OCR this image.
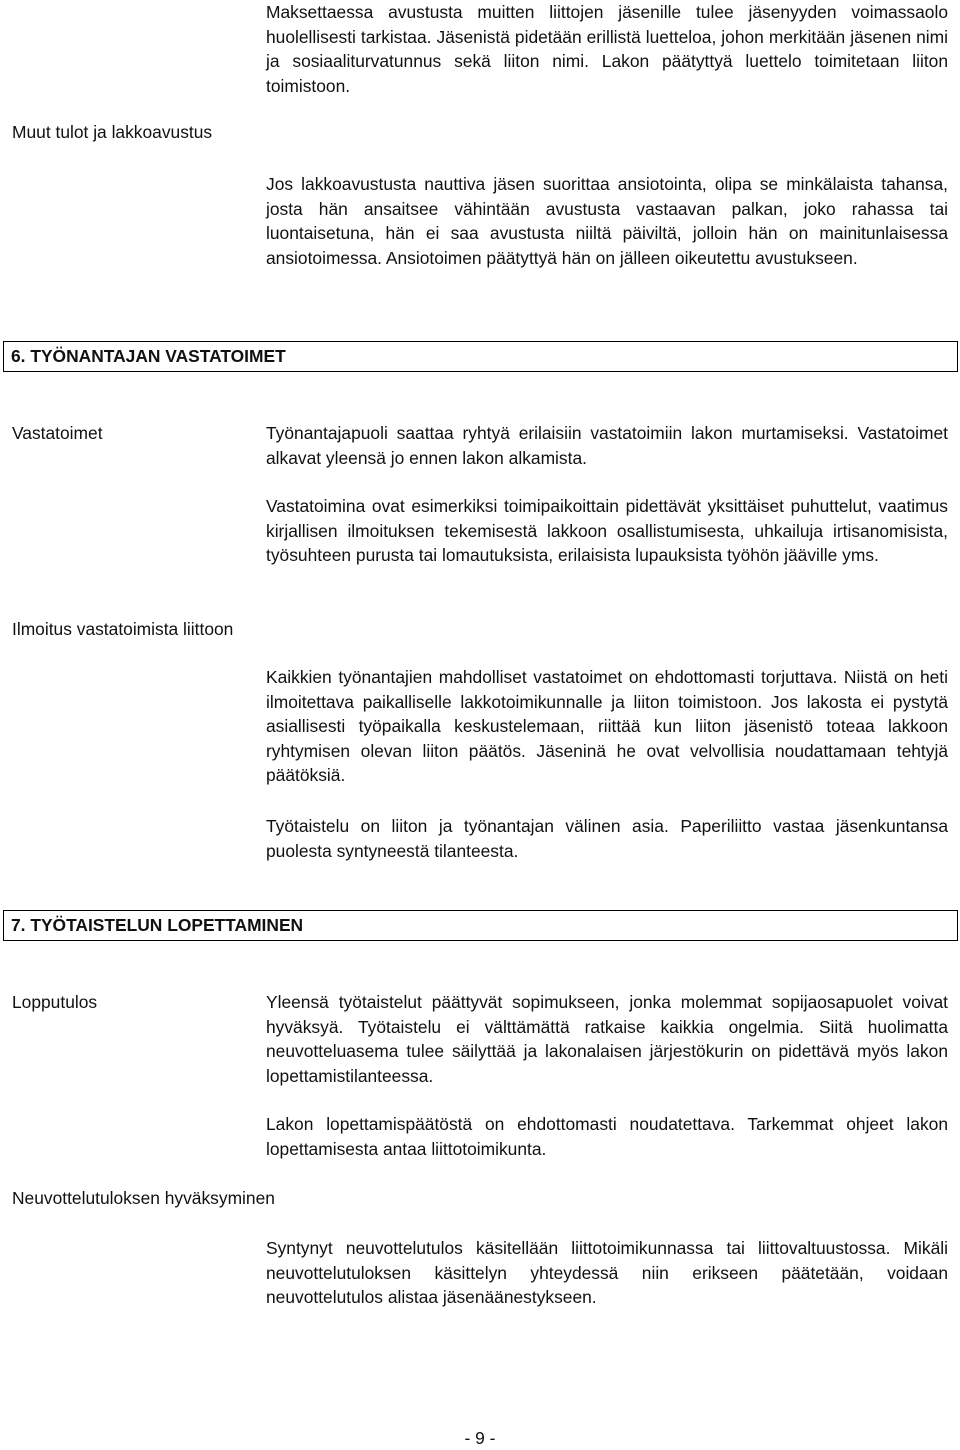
Maksettaessa avustusta muitten liittojen jäsenille tulee jäsenyyden voimassaolo huolellisesti tarkistaa. Jäsenistä pidetään erillistä luetteloa, johon merkitään jäsenen nimi ja sosiaaliturvatunnus sekä liiton nimi. Lakon päätyttyä luettelo toimitetaan liiton toimistoon.

Muut tulot ja lakkoavustus

Jos lakkoavustusta nauttiva jäsen suorittaa ansiotointa, olipa se minkälaista tahansa, josta hän ansaitsee vähintään avustusta vastaavan palkan, joko rahassa tai luontaisetuna, hän ei saa avustusta niiltä päiviltä, jolloin hän on mainitunlaisessa ansiotoimessa. Ansiotoimen päätyttyä hän on jälleen oikeutettu avustukseen.

6. TYÖNANTAJAN VASTATOIMET

Vastatoimet	Työnantajapuoli saattaa ryhtyä erilaisiin vastatoimiin lakon murtamiseksi. Vastatoimet alkavat yleensä jo ennen lakon alkamista.

Vastatoimina ovat esimerkiksi toimipaikoittain pidettävät yksittäiset puhuttelut, vaatimus kirjallisen ilmoituksen tekemisestä lakkoon osallistumisesta, uhkailuja irtisanomisista, työsuhteen purusta tai lomautuksista, erilaisista lupauksista työhön jääville yms.

Ilmoitus vastatoimista liittoon

Kaikkien työnantajien mahdolliset vastatoimet on ehdottomasti torjuttava. Niistä on heti ilmoitettava paikalliselle lakkotoimikunnalle ja liiton toimistoon. Jos lakosta ei pystytä asiallisesti työpaikalla keskustelemaan, riittää kun liiton jäsenistö toteaa lakkoon ryhtymisen olevan liiton päätös. Jäseninä he ovat velvollisia noudattamaan tehtyjä päätöksiä.

Työtaistelu on liiton ja työnantajan välinen asia. Paperiliitto vastaa jäsenkuntansa puolesta syntyneestä tilanteesta.

7. TYÖTAISTELUN LOPETTAMINEN

Lopputulos	Yleensä työtaistelut päättyvät sopimukseen, jonka molemmat sopijaosapuolet voivat hyväksyä. Työtaistelu ei välttämättä ratkaise kaikkia ongelmia. Siitä huolimatta neuvotteluasema tulee säilyttää ja lakonalaisen järjestökurin on pidettävä myös lakon lopettamistilanteessa.

Lakon lopettamispäätöstä on ehdottomasti noudatettava. Tarkemmat ohjeet lakon lopettamisesta antaa liittotoimikunta.

Neuvottelutuloksen hyväksyminen

Syntynyt neuvottelutulos käsitellään liittotoimikunnassa tai liittovaltuustossa. Mikäli neuvottelutuloksen käsittelyn yhteydessä niin erikseen päätetään, voidaan neuvottelutulos alistaa jäsenäänestykseen.

- 9 -
